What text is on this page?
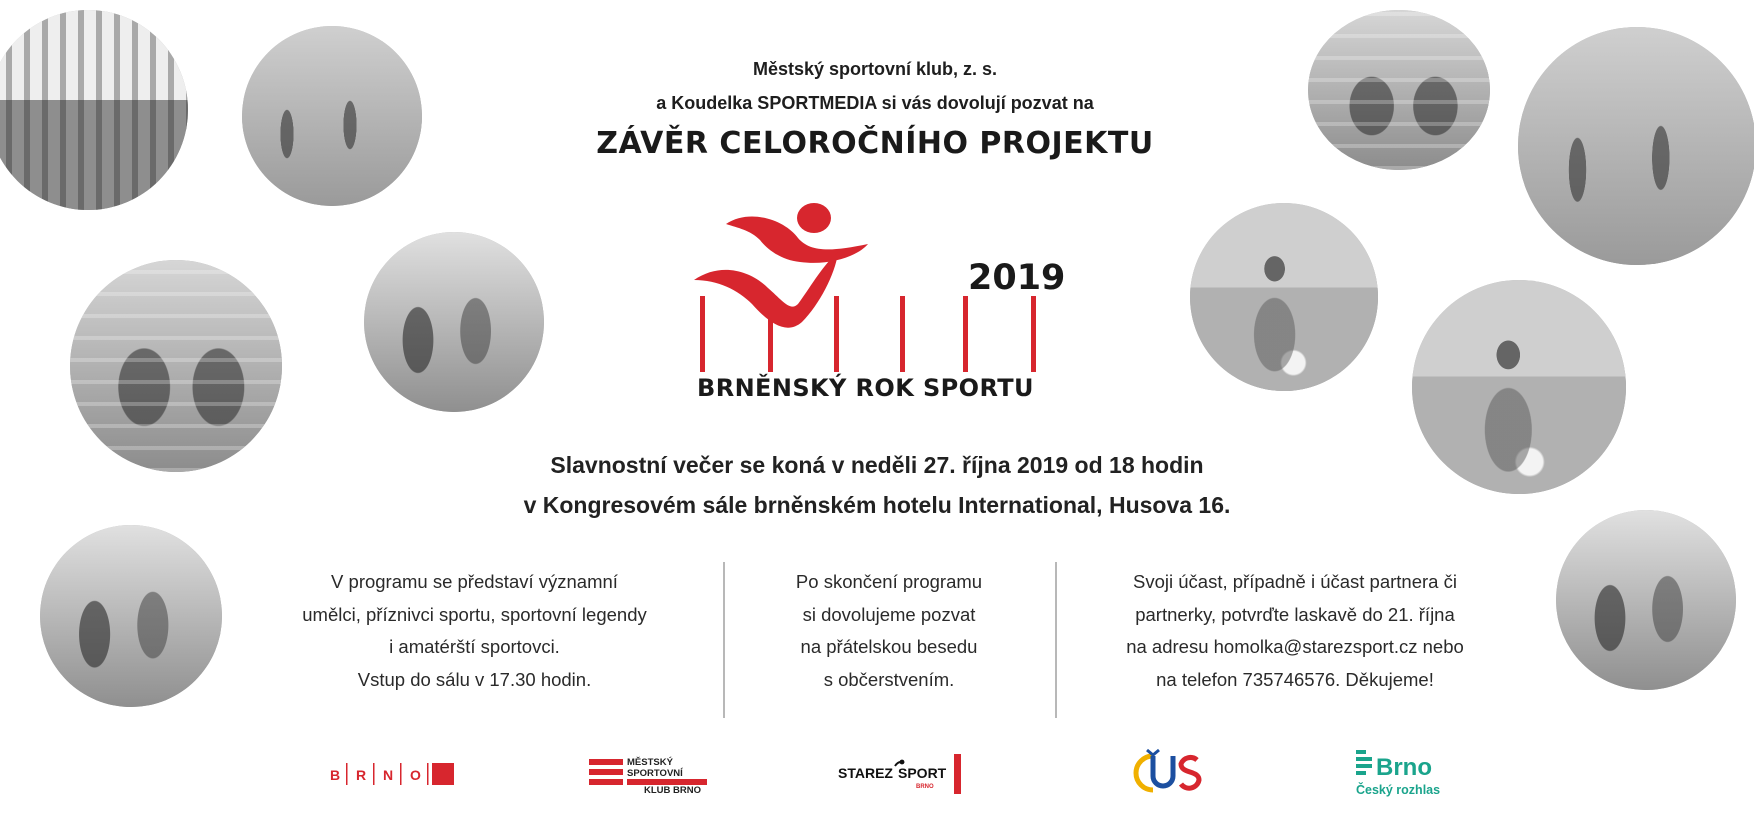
Městský sportovní klub, z. s.
a Koudelka SPORTMEDIA si vás dovolují pozvat na
ZÁVĚR CELOROČNÍHO PROJEKTU
2019
BRNĚNSKÝ ROK SPORTU
Slavnostní večer se koná v neděli 27. října 2019 od 18 hodin
v Kongresovém sále brněnském hotelu International, Husova 16.
V programu se představí významní
umělci, příznivci sportu, sportovní legendy
i amatérští sportovci.
Vstup do sálu v 17.30 hodin.
Po skončení programu
si dovolujeme pozvat
na přátelskou besedu
s občerstvením.
Svoji účast, případně i účast partnera či
partnerky, potvrďte laskavě do 21. října
na adresu homolka@starezsport.cz nebo
na telefon 735746576. Děkujeme!
B R N O
MĚSTSKÝ
SPORTOVNÍ
KLUB BRNO
STAREZ SPORT
BRNO
ČUS
Brno
Český rozhlas
